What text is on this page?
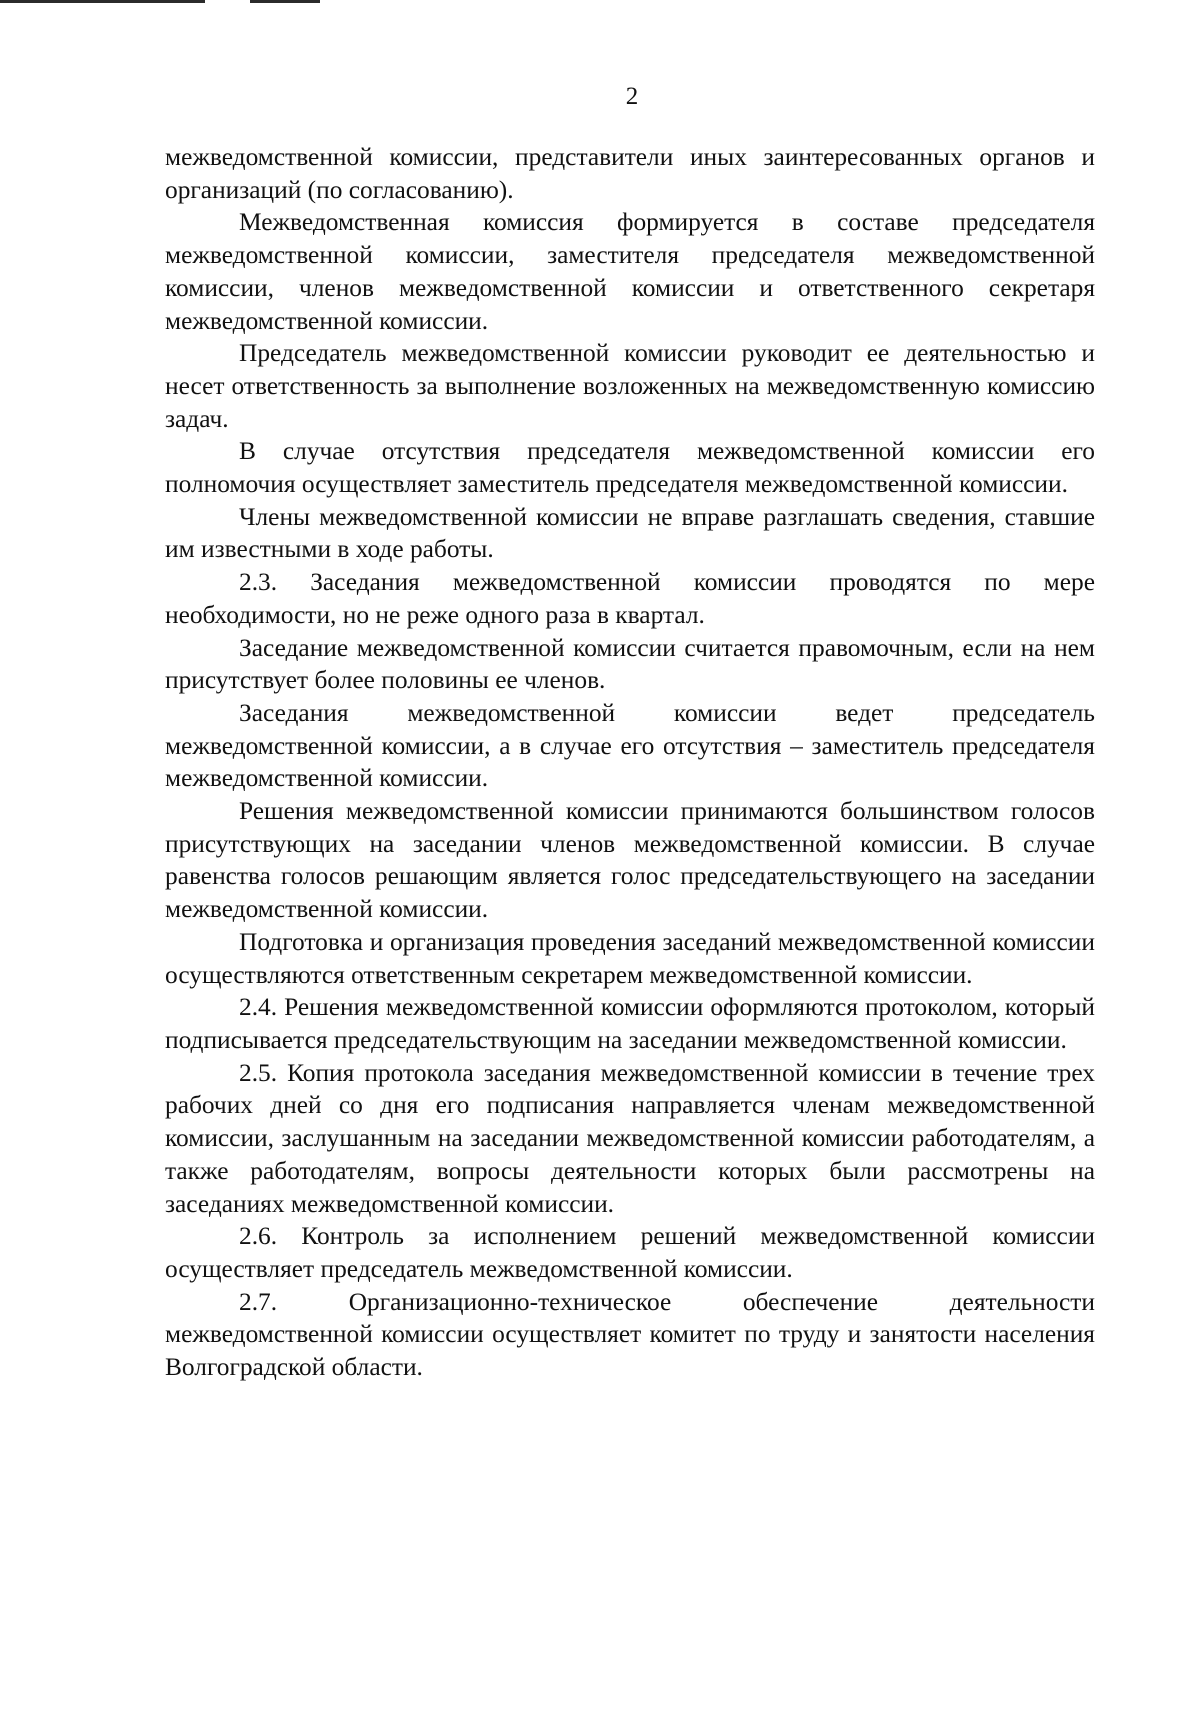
2

межведомственной комиссии, представители иных заинтересованных органов и организаций (по согласованию).

Межведомственная комиссия формируется в составе председателя межведомственной комиссии, заместителя председателя межведомственной комиссии, членов межведомственной комиссии и ответственного секретаря межведомственной комиссии.

Председатель межведомственной комиссии руководит ее деятельностью и несет ответственность за выполнение возложенных на межведомственную комиссию задач.

В случае отсутствия председателя межведомственной комиссии его полномочия осуществляет заместитель председателя межведомственной комиссии.

Члены межведомственной комиссии не вправе разглашать сведения, ставшие им известными в ходе работы.

2.3. Заседания межведомственной комиссии проводятся по мере необходимости, но не реже одного раза в квартал.

Заседание межведомственной комиссии считается правомочным, если на нем присутствует более половины ее членов.

Заседания межведомственной комиссии ведет председатель межведомственной комиссии, а в случае его отсутствия – заместитель председателя межведомственной комиссии.

Решения межведомственной комиссии принимаются большинством голосов присутствующих на заседании членов межведомственной комиссии. В случае равенства голосов решающим является голос председательствующего на заседании межведомственной комиссии.

Подготовка и организация проведения заседаний межведомственной комиссии осуществляются ответственным секретарем межведомственной комиссии.

2.4. Решения межведомственной комиссии оформляются протоколом, который подписывается председательствующим на заседании межведомственной комиссии.

2.5. Копия протокола заседания межведомственной комиссии в течение трех рабочих дней со дня его подписания направляется членам межведомственной комиссии, заслушанным на заседании межведомственной комиссии работодателям, а также работодателям, вопросы деятельности которых были рассмотрены на заседаниях межведомственной комиссии.

2.6. Контроль за исполнением решений межведомственной комиссии осуществляет председатель межведомственной комиссии.

2.7. Организационно-техническое обеспечение деятельности межведомственной комиссии осуществляет комитет по труду и занятости населения Волгоградской области.
